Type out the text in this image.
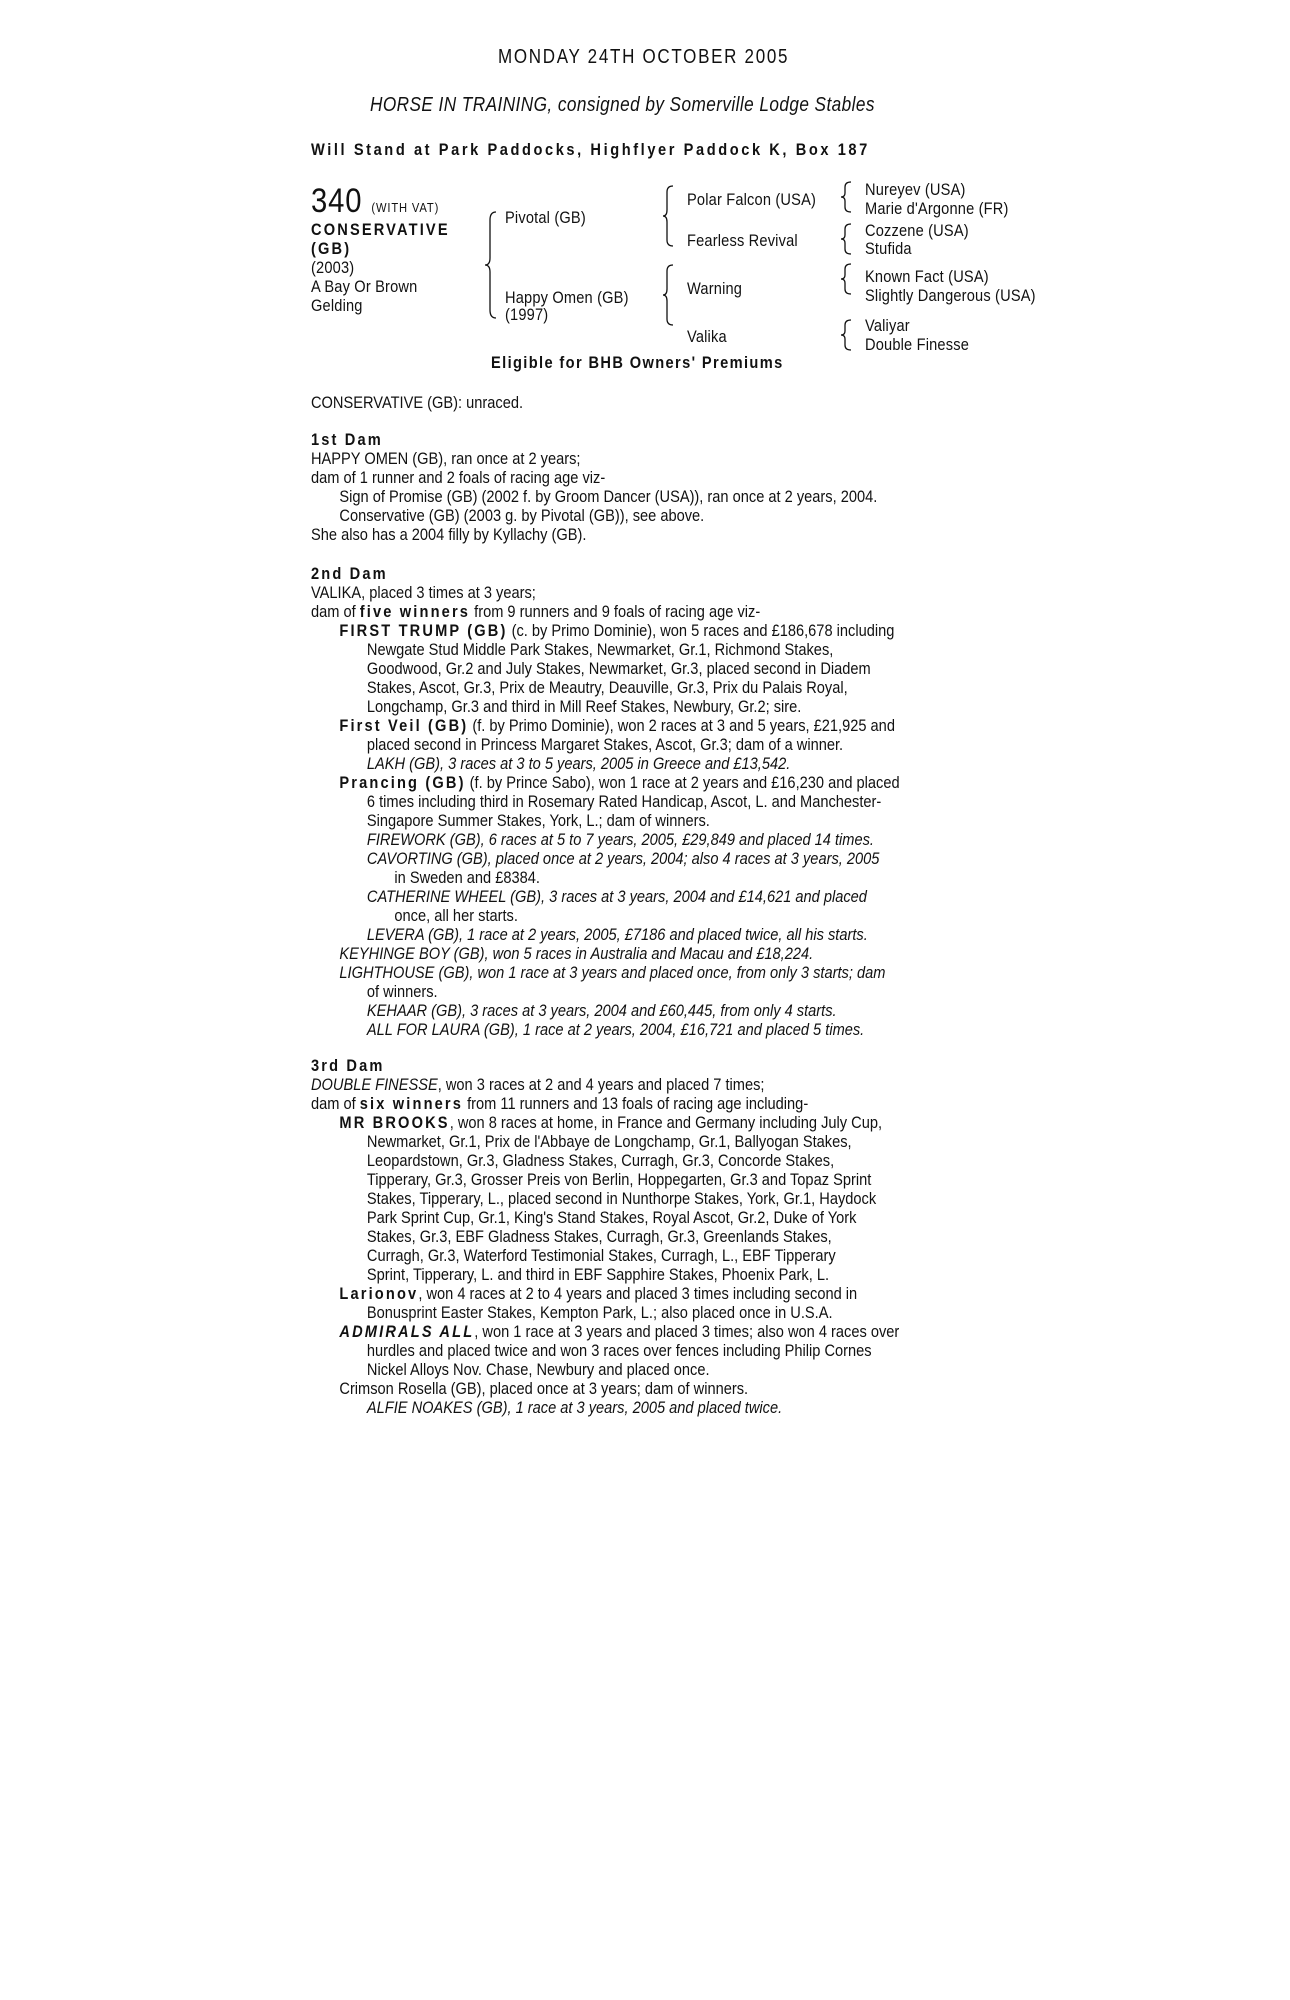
MONDAY 24TH OCTOBER 2005
HORSE IN TRAINING, consigned by Somerville Lodge Stables
Will Stand at Park Paddocks, Highflyer Paddock K, Box 187
340 (WITH VAT)
CONSERVATIVE
(GB)
(2003)
A Bay Or Brown
Gelding
Pivotal (GB)
Happy Omen (GB)
(1997)
Polar Falcon (USA)
Fearless Revival
Warning
Valika
Nureyev (USA)
Marie d'Argonne (FR)
Cozzene (USA)
Stufida
Known Fact (USA)
Slightly Dangerous (USA)
Valiyar
Double Finesse
Eligible for BHB Owners' Premiums
CONSERVATIVE (GB): unraced.
1st Dam
HAPPY OMEN (GB), ran once at 2 years;
dam of 1 runner and 2 foals of racing age viz-
Sign of Promise (GB) (2002 f. by Groom Dancer (USA)), ran once at 2 years, 2004.
Conservative (GB) (2003 g. by Pivotal (GB)), see above.
She also has a 2004 filly by Kyllachy (GB).
2nd Dam
VALIKA, placed 3 times at 3 years;
dam of five winners from 9 runners and 9 foals of racing age viz-
FIRST TRUMP (GB) (c. by Primo Dominie), won 5 races and £186,678 including
Newgate Stud Middle Park Stakes, Newmarket, Gr.1, Richmond Stakes,
Goodwood, Gr.2 and July Stakes, Newmarket, Gr.3, placed second in Diadem
Stakes, Ascot, Gr.3, Prix de Meautry, Deauville, Gr.3, Prix du Palais Royal,
Longchamp, Gr.3 and third in Mill Reef Stakes, Newbury, Gr.2; sire.
First Veil (GB) (f. by Primo Dominie), won 2 races at 3 and 5 years, £21,925 and
placed second in Princess Margaret Stakes, Ascot, Gr.3; dam of a winner.
LAKH (GB), 3 races at 3 to 5 years, 2005 in Greece and £13,542.
Prancing (GB) (f. by Prince Sabo), won 1 race at 2 years and £16,230 and placed
6 times including third in Rosemary Rated Handicap, Ascot, L. and Manchester-
Singapore Summer Stakes, York, L.; dam of winners.
FIREWORK (GB), 6 races at 5 to 7 years, 2005, £29,849 and placed 14 times.
CAVORTING (GB), placed once at 2 years, 2004; also 4 races at 3 years, 2005
in Sweden and £8384.
CATHERINE WHEEL (GB), 3 races at 3 years, 2004 and £14,621 and placed
once, all her starts.
LEVERA (GB), 1 race at 2 years, 2005, £7186 and placed twice, all his starts.
KEYHINGE BOY (GB), won 5 races in Australia and Macau and £18,224.
LIGHTHOUSE (GB), won 1 race at 3 years and placed once, from only 3 starts; dam
of winners.
KEHAAR (GB), 3 races at 3 years, 2004 and £60,445, from only 4 starts.
ALL FOR LAURA (GB), 1 race at 2 years, 2004, £16,721 and placed 5 times.
3rd Dam
DOUBLE FINESSE, won 3 races at 2 and 4 years and placed 7 times;
dam of six winners from 11 runners and 13 foals of racing age including-
MR BROOKS, won 8 races at home, in France and Germany including July Cup,
Newmarket, Gr.1, Prix de l'Abbaye de Longchamp, Gr.1, Ballyogan Stakes,
Leopardstown, Gr.3, Gladness Stakes, Curragh, Gr.3, Concorde Stakes,
Tipperary, Gr.3, Grosser Preis von Berlin, Hoppegarten, Gr.3 and Topaz Sprint
Stakes, Tipperary, L., placed second in Nunthorpe Stakes, York, Gr.1, Haydock
Park Sprint Cup, Gr.1, King's Stand Stakes, Royal Ascot, Gr.2, Duke of York
Stakes, Gr.3, EBF Gladness Stakes, Curragh, Gr.3, Greenlands Stakes,
Curragh, Gr.3, Waterford Testimonial Stakes, Curragh, L., EBF Tipperary
Sprint, Tipperary, L. and third in EBF Sapphire Stakes, Phoenix Park, L.
Larionov, won 4 races at 2 to 4 years and placed 3 times including second in
Bonusprint Easter Stakes, Kempton Park, L.; also placed once in U.S.A.
ADMIRALS ALL, won 1 race at 3 years and placed 3 times; also won 4 races over
hurdles and placed twice and won 3 races over fences including Philip Cornes
Nickel Alloys Nov. Chase, Newbury and placed once.
Crimson Rosella (GB), placed once at 3 years; dam of winners.
ALFIE NOAKES (GB), 1 race at 3 years, 2005 and placed twice.
